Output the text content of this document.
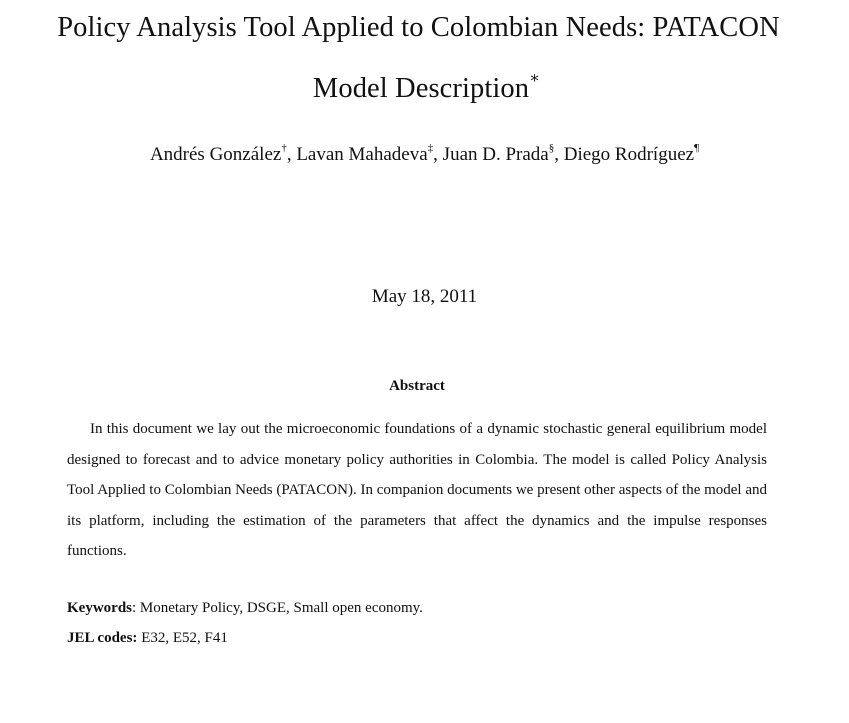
Policy Analysis Tool Applied to Colombian Needs: PATACON
Model Description∗
Andrés González†, Lavan Mahadeva‡, Juan D. Prada§, Diego Rodríguez¶
May 18, 2011
Abstract

In this document we lay out the microeconomic foundations of a dynamic stochastic general equilibrium model designed to forecast and to advice monetary policy authorities in Colombia. The model is called Policy Analysis Tool Applied to Colombian Needs (PATACON). In companion documents we present other aspects of the model and its platform, including the estimation of the parameters that affect the dynamics and the impulse responses functions.

Keywords: Monetary Policy, DSGE, Small open economy.
JEL codes: E32, E52, F41
